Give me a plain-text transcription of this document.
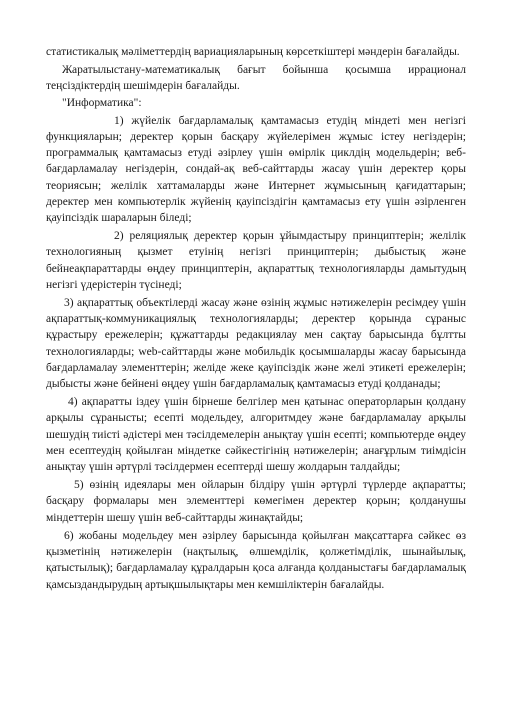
статистикалық мәліметтердің вариацияларының көрсеткіштері мәндерін бағалайды.

Жаратылыстану-математикалық бағыт бойынша қосымша иррационал теңсіздіктердің шешімдерін бағалайды.

"Информатика":

1) жүйелік бағдарламалық қамтамасыз етудің міндеті мен негізгі функцияларын; деректер қорын басқару жүйелерімен жұмыс істеу негіздерін; программалық қамтамасыз етуді әзірлеу үшін өмірлік циклдің модельдерін; веб-бағдарламалау негіздерін, сондай-ақ веб-сайттарды жасау үшін деректер қоры теориясын; желілік хаттамаларды және Интернет жұмысының қағидаттарын; деректер мен компьютерлік жүйенің қауіпсіздігін қамтамасыз ету үшін әзірленген қауіпсіздік шараларын біледі;

2) реляциялық деректер қорын ұйымдастыру принциптерін; желілік технологияның қызмет етуінің негізгі принциптерін; дыбыстық және бейнеақпараттарды өңдеу принциптерін, ақпараттық технологияларды дамытудың негізгі үдерістерін түсінеді;

3) ақпараттық объектілерді жасау және өзінің жұмыс нәтижелерін ресімдеу үшін ақпараттық-коммуникациялық технологияларды; деректер қорында сұраныс құрастыру ережелерін; құжаттарды редакциялау мен сақтау барысында бұлтты технологияларды; web-сайттарды және мобильдік қосымшаларды жасау барысында бағдарламалау элементтерін; желіде жеке қауіпсіздік және желі этикеті ережелерін; дыбысты және бейнені өңдеу үшін бағдарламалық қамтамасыз етуді қолданады;

4) ақпаратты іздеу үшін бірнеше белгілер мен қатынас операторларын қолдану арқылы сұранысты; есепті модельдеу, алгоритмдеу және бағдарламалау арқылы шешудің тиісті әдістері мен тәсілдемелерін анықтау үшін есепті; компьютерде өңдеу мен есептеудің қойылған міндетке сәйкестігінің нәтижелерін; анағұрлым тиімдісін анықтау үшін әртүрлі тәсілдермен есептерді шешу жолдарын талдайды;

5) өзінің идеялары мен ойларын білдіру үшін әртүрлі түрлерде ақпаратты; басқару формалары мен элементтері көмегімен деректер қорын; қолданушы міндеттерін шешу үшін веб-сайттарды жинақтайды;

6) жобаны модельдеу мен әзірлеу барысында қойылған мақсаттарға сәйкес өз қызметінің нәтижелерін (нақтылық, өлшемділік, қолжетімділік, шынайылық, қатыстылық); бағдарламалау құралдарын қоса алғанда қолданыстағы бағдарламалық қамсыздандырудың артықшылықтары мен кемшіліктерін бағалайды.
